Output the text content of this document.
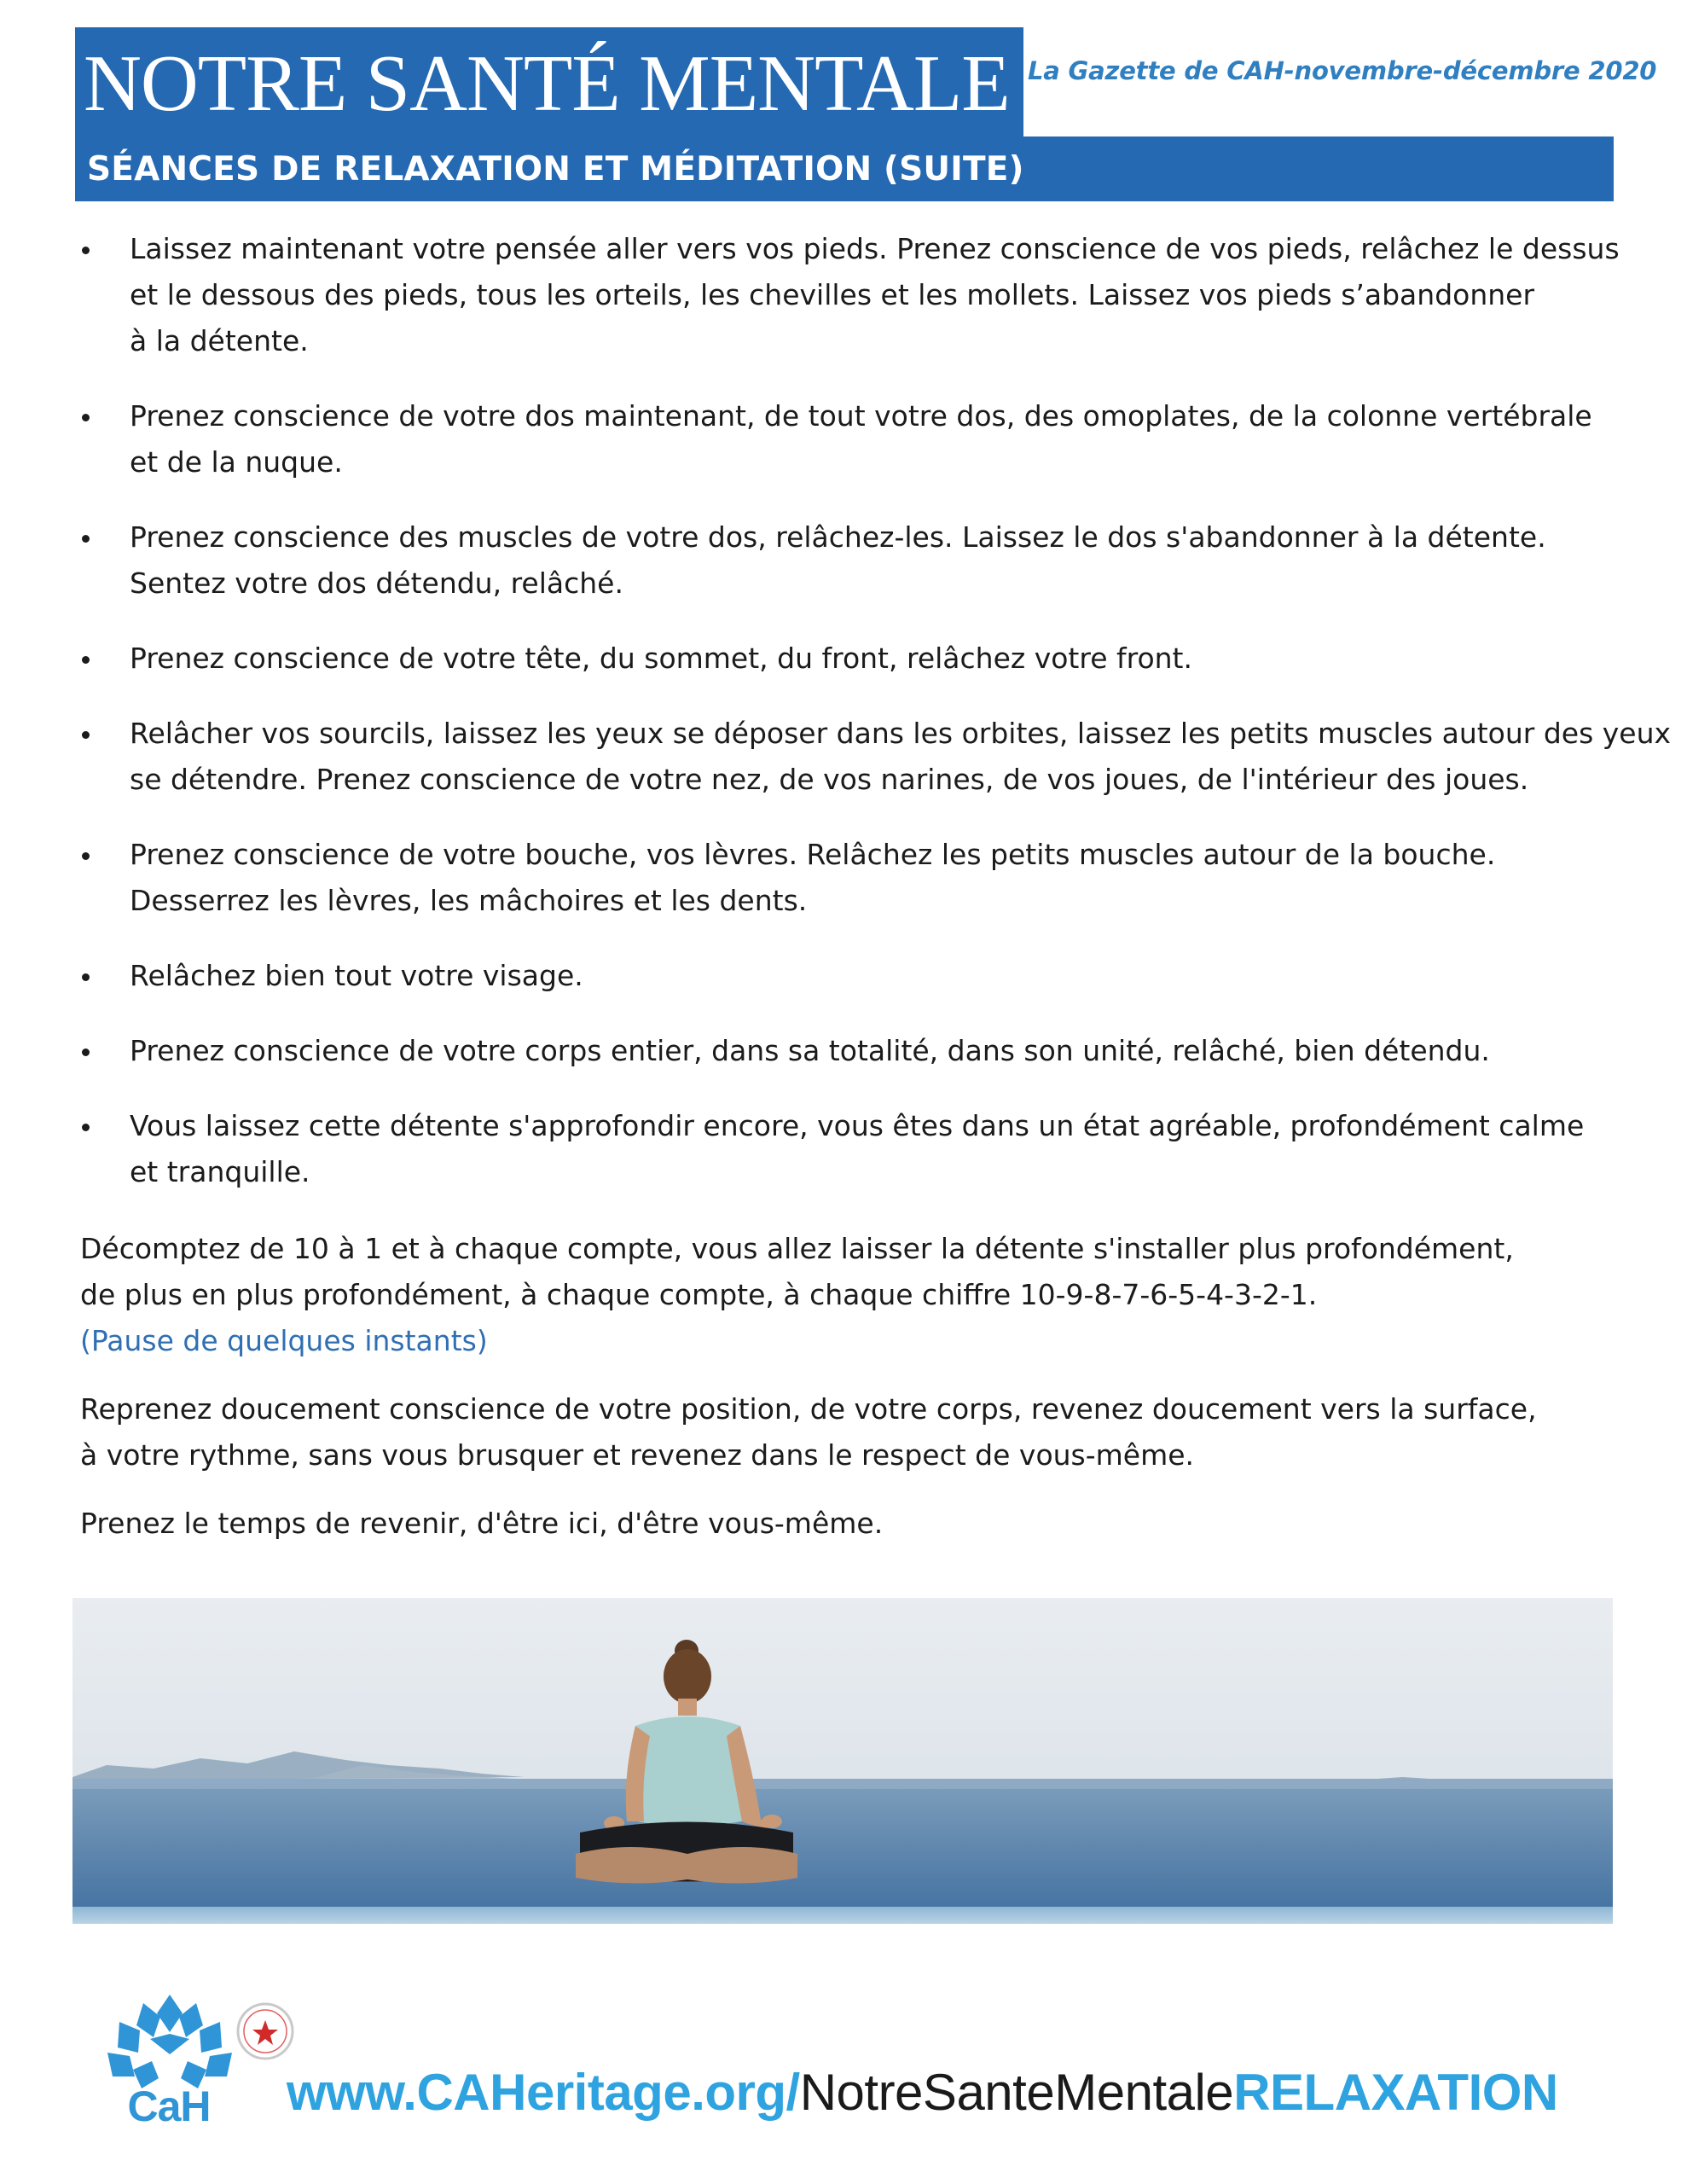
NOTRE SANTÉ MENTALE La Gazette de CAH-novembre-décembre 2020
SÉANCES DE RELAXATION ET MÉDITATION (SUITE)
Laissez maintenant votre pensée aller vers vos pieds. Prenez conscience de vos pieds, relâchez le dessus
et le dessous des pieds, tous les orteils, les chevilles et les mollets. Laissez vos pieds s’abandonner
à la détente.
Prenez conscience de votre dos maintenant, de tout votre dos, des omoplates, de la colonne vertébrale
et de la nuque.
Prenez conscience des muscles de votre dos, relâchez-les. Laissez le dos s'abandonner à la détente.
Sentez votre dos détendu, relâché.
Prenez conscience de votre tête, du sommet, du front, relâchez votre front.
Relâcher vos sourcils, laissez les yeux se déposer dans les orbites, laissez les petits muscles autour des yeux
se détendre. Prenez conscience de votre nez, de vos narines, de vos joues, de l'intérieur des joues.
Prenez conscience de votre bouche, vos lèvres. Relâchez les petits muscles autour de la bouche.
Desserrez les lèvres, les mâchoires et les dents.
Relâchez bien tout votre visage.
Prenez conscience de votre corps entier, dans sa totalité, dans son unité, relâché, bien détendu.
Vous laissez cette détente s'approfondir encore, vous êtes dans un état agréable, profondément calme
et tranquille.

Décomptez de 10 à 1 et à chaque compte, vous allez laisser la détente s'installer plus profondément,
de plus en plus profondément, à chaque compte, à chaque chiffre 10-9-8-7-6-5-4-3-2-1.
(Pause de quelques instants)

Reprenez doucement conscience de votre position, de votre corps, revenez doucement vers la surface,
à votre rythme, sans vous brusquer et revenez dans le respect de vous-même.

Prenez le temps de revenir, d'être ici, d'être vous-même.

CaH www.CAHeritage.org/NotreSanteMentaleRELAXATION
